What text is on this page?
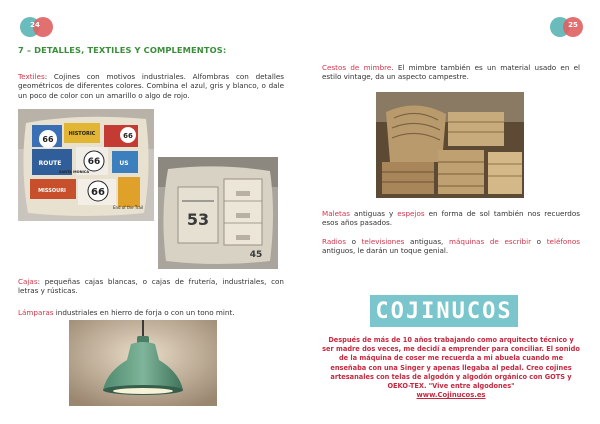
24
7 – DETALLES, TEXTILES Y COMPLEMENTOS:
Textiles: Cojines con motivos industriales. Alfombras con detalles geométricos de diferentes colores. Combina el azul, gris y blanco, o dale un poco de color con un amarillo o algo de rojo.
66
66
66
66
HISTORIC
ROUTE	US
MISSOURI
SANTA MONICA
End of the Trail
53
45
Cajas: pequeñas cajas blancas, o cajas de frutería, industriales, con letras y rústicas.
Lámparas industriales en hierro de forja o con un tono mint.
25
Cestos de mimbre. El mimbre también es un material usado en el estilo vintage, da un aspecto campestre.
Maletas antiguas y espejos en forma de sol también nos recuerdos esos años pasados.
Radios o televisiones antiguas, máquinas de escribir o teléfonos antiguos, le darán un toque genial.
COJINUCOS
Después de más de 10 años trabajando como arquitecto técnico y ser madre dos veces, me decidí a emprender para conciliar. El sonido de la máquina de coser me recuerda a mi abuela cuando me enseñaba con una Singer y apenas llegaba al pedal. Creo cojines artesanales con telas de algodón y algodón orgánico con GOTS y OEKO-TEX. "Vive entre algodones"
www.Cojinucos.es
